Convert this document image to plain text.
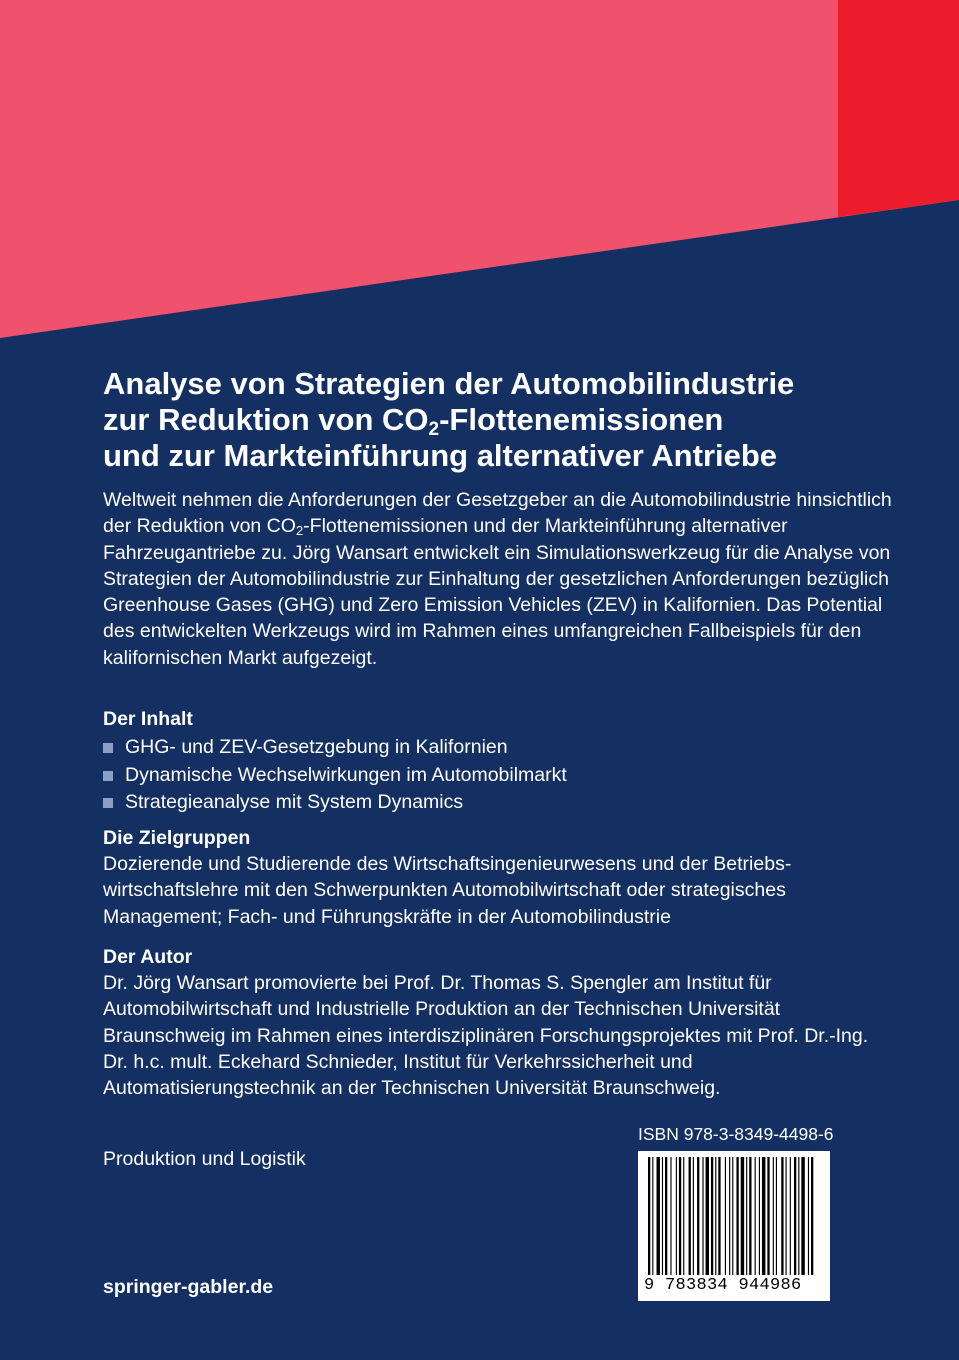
Analyse von Strategien der Automobilindustrie
zur Reduktion von $CO_2$-Flottenemissionen
und zur Markteinführung alternativer Antriebe

Weltweit nehmen die Anforderungen der Gesetzgeber an die Automobilindustrie hinsichtlich der Reduktion von $CO_2$-Flottenemissionen und der Markteinführung alternativer Fahrzeugantriebe zu. Jörg Wansart entwickelt ein Simulationswerkzeug für die Analyse von Strategien der Automobilindustrie zur Einhaltung der gesetzlichen Anforderungen bezüglich Greenhouse Gases (GHG) und Zero Emission Vehicles (ZEV) in Kalifornien. Das Potential des entwickelten Werkzeugs wird im Rahmen eines umfangreichen Fallbeispiels für den kalifornischen Markt aufgezeigt.

Der Inhalt
GHG- und ZEV-Gesetzgebung in Kalifornien
Dynamische Wechselwirkungen im Automobilmarkt
Strategieanalyse mit System Dynamics
Die Zielgruppen

Dozierende und Studierende des Wirtschaftsingenieurwesens und der Betriebswirtschaftslehre mit den Schwerpunkten Automobilwirtschaft oder strategisches Management; Fach- und Führungskräfte in der Automobilindustrie

Der Autor

Dr. Jörg Wansart promovierte bei Prof. Dr. Thomas S. Spengler am Institut für Automobilwirtschaft und Industrielle Produktion an der Technischen Universität Braunschweig im Rahmen eines interdisziplinären Forschungsprojektes mit Prof. Dr.-Ing. Dr. h.c. mult. Eckehard Schnieder, Institut für Verkehrssicherheit und Automatisierungstechnik an der Technischen Universität Braunschweig.

Produktion und Logistik
springer-gabler.de
ISBN 978-3-8349-4498-6
9 783834 944986
